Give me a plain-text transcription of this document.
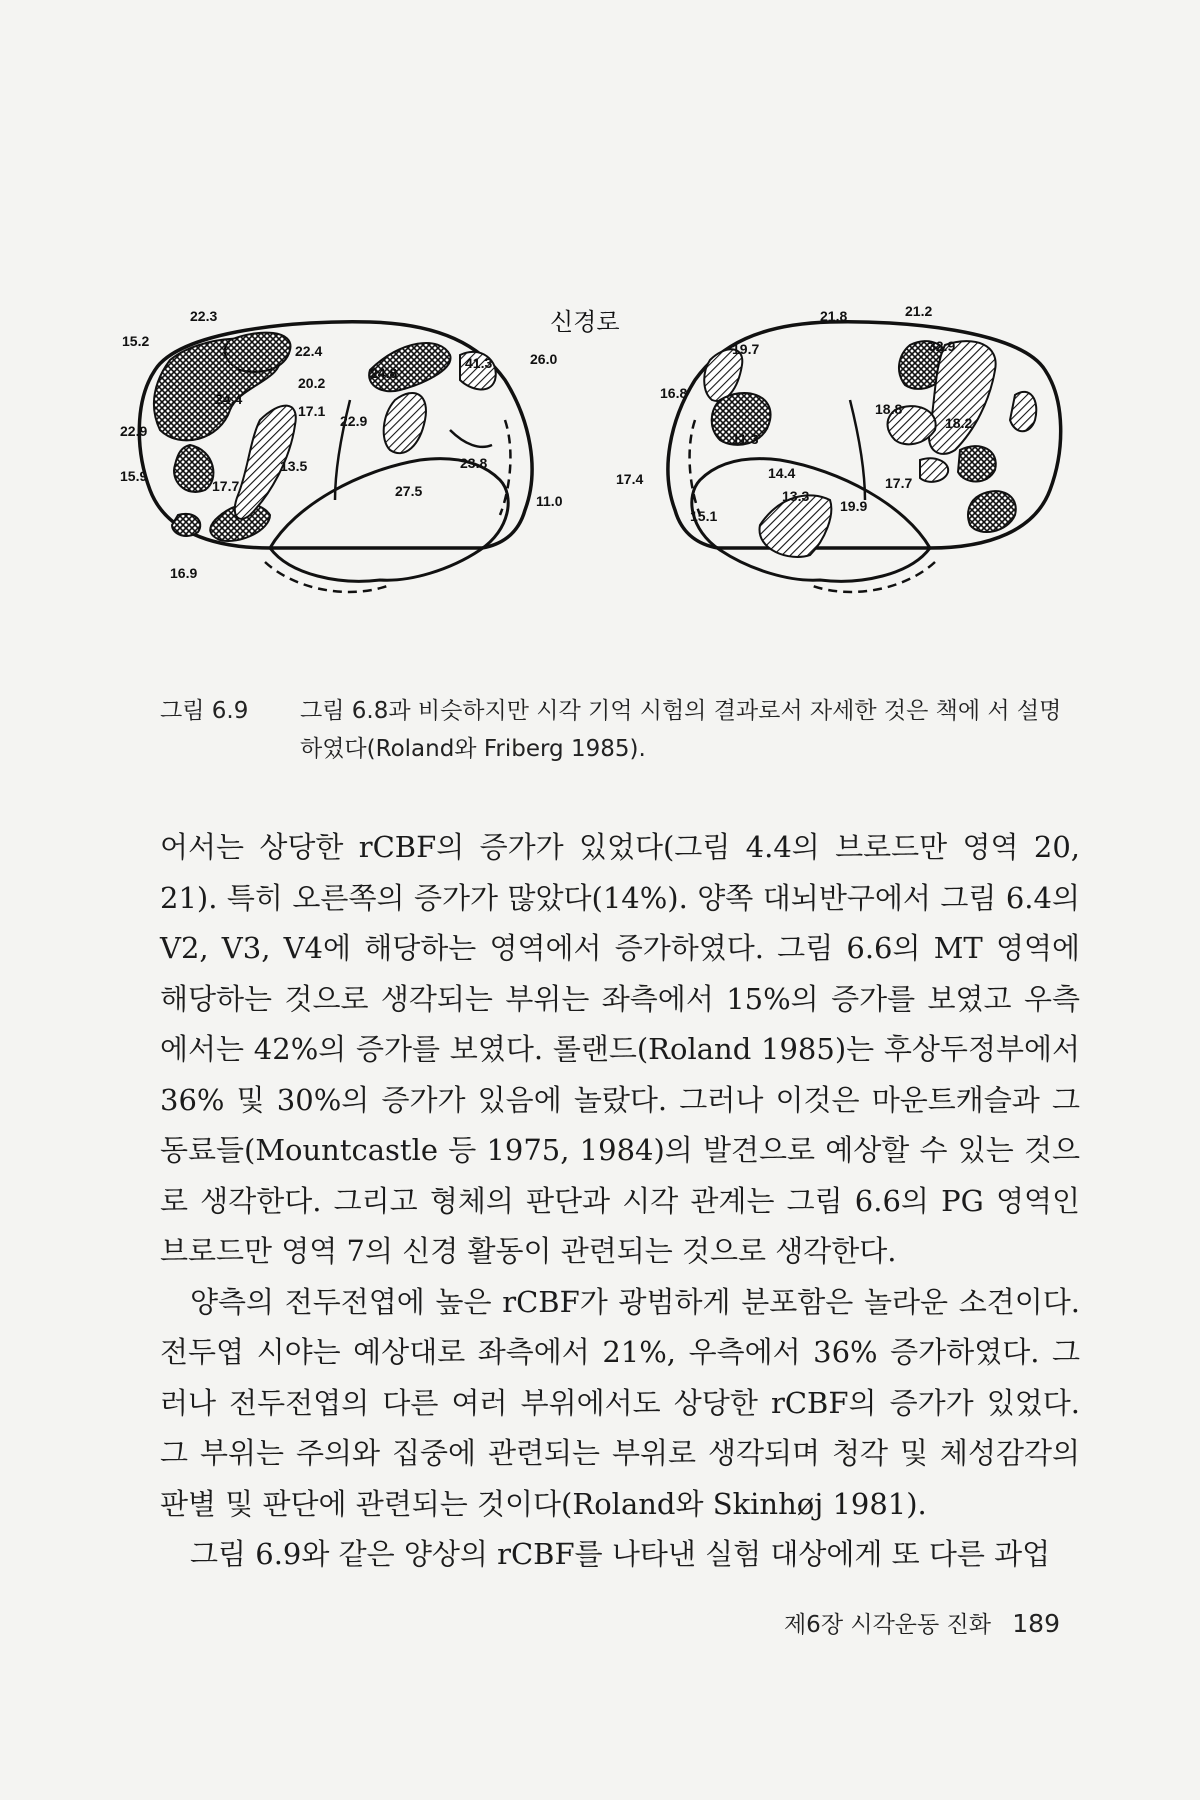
신경로
22.3
15.2
22.4
20.2
24.4
17.1
22.9
22.9
13.5
15.9
17.7
24.8
41.3
23.8
27.5
16.9
26.0
16.8
11.0
17.4
15.1
19.7
21.8	21.2
32.9
18.8
18.2
11.3
14.4
13.3
17.7
19.9
그림 6.9	그림 6.8과 비슷하지만 시각 기억 시험의 결과로서 자세한 것은 책에 서 설명하였다(Roland와 Friberg 1985).

어서는 상당한 rCBF의 증가가 있었다(그림 4.4의 브로드만 영역 20, 21). 특히 오른쪽의 증가가 많았다(14%). 양쪽 대뇌반구에서 그림 6.4의 V2, V3, V4에 해당하는 영역에서 증가하였다. 그림 6.6의 MT 영역에 해당하는 것으로 생각되는 부위는 좌측에서 15%의 증가를 보였고 우측에서는 42%의 증가를 보였다. 롤랜드(Roland 1985)는 후상두정부에서 36% 및 30%의 증가가 있음에 놀랐다. 그러나 이것은 마운트캐슬과 그 동료들(Mountcastle 등 1975, 1984)의 발견으로 예상할 수 있는 것으로 생각한다. 그리고 형체의 판단과 시각 관계는 그림 6.6의 PG 영역인 브로드만 영역 7의 신경 활동이 관련되는 것으로 생각한다.

양측의 전두전엽에 높은 rCBF가 광범하게 분포함은 놀라운 소견이다. 전두엽 시야는 예상대로 좌측에서 21%, 우측에서 36% 증가하였다. 그러나 전두전엽의 다른 여러 부위에서도 상당한 rCBF의 증가가 있었다. 그 부위는 주의와 집중에 관련되는 부위로 생각되며 청각 및 체성감각의 판별 및 판단에 관련되는 것이다(Roland와 Skinhøj 1981).

그림 6.9와 같은 양상의 rCBF를 나타낸 실험 대상에게 또 다른 과업

제6장 시각운동 진화 189
